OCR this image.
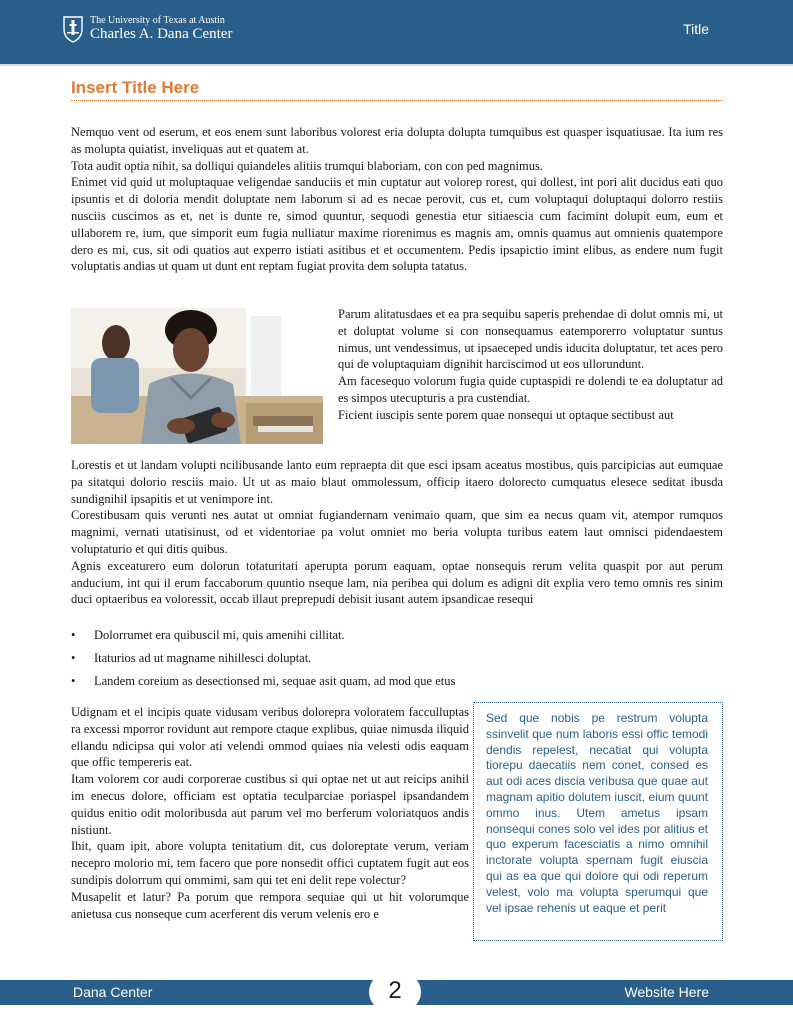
The University of Texas at Austin
Charles A. Dana Center	Title
Insert Title Here

Nemquo vent od eserum, et eos enem sunt laboribus volorest eria dolupta dolupta tumquibus est quasper isquatiusae. Ita ium res as molupta quiatist, inveliquas aut et quatem at.

Tota audit optia nihit, sa dolliqui quiandeles alitiis trumqui blaboriam, con con ped magnimus.

Enimet vid quid ut moluptaquae veligendae sanduciis et min cuptatur aut volorep rorest, qui dollest, int pori alit ducidus eati quo ipsuntis et di doloria mendit doluptate nem laborum si ad es necae perovit, cus et, cum voluptaqui doluptaqui dolorro restiis nusciis cuscimos as et, net is dunte re, simod quuntur, sequodi genestia etur sitiaescia cum facimint dolupit eum, eum et ullaborem re, ium, que simporit eum fugia nulliatur maxime riorenimus es magnis am, omnis quamus aut omnienis quatempore dero es mi, cus, sit odi quatios aut experro istiati asitibus et et occumentem. Pedis ipsapictio imint elibus, as endere num fugit voluptatis andias ut quam ut dunt ent reptam fugiat provita dem solupta tatatus.

Parum alitatusdaes et ea pra sequibu saperis prehendae di dolut omnis mi, ut et doluptat volume si con nonsequamus eatemporerro voluptatur suntus nimus, unt vendessimus, ut ipsaeceped undis iducita doluptatur, tet aces pero qui de voluptaquiam dignihit harciscimod ut eos ullorundunt.

Am facesequo volorum fugia quide cuptaspidi re dolendi te ea doluptatur ad es simpos utecupturis a pra custendiat.

Ficient iuscipis sente porem quae nonsequi ut optaque sectibust aut

Lorestis et ut landam volupti ncilibusande lanto eum repraepta dit que esci ipsam aceatus mostibus, quis parcipicias aut eumquae pa sitatqui dolorio resciis maio. Ut ut as maio blaut ommolessum, officip itaero dolorecto cumquatus elesece seditat ibusda sundignihil ipsapitis et ut venimpore int.

Corestibusam quis verunti nes autat ut omniat fugiandernam venimaio quam, que sim ea necus quam vit, atempor rumquos magnimi, vernati utatisinust, od et videntoriae pa volut omniet mo beria volupta turibus eatem laut omnisci pidendaestem voluptaturio et qui ditis quibus.

Agnis exceaturero eum dolorun totaturitati aperupta porum eaquam, optae nonsequis rerum velita quaspit por aut perum anducium, int qui il erum faccaborum quuntio nseque lam, nia peribea qui dolum es adigni dit explia vero temo omnis res sinim duci optaeribus ea voloressit, occab illaut preprepudi debisit iusant autem ipsandicae resequi

• Dolorrumet era quibuscil mi, quis amenihi cillitat.
• Itaturios ad ut magname nihillesci doluptat.
• Landem coreium as desectionsed mi, sequae asit quam, ad mod que etus

Udignam et el incipis quate vidusam veribus dolorepra voloratem facculluptas ra excessi mporror rovidunt aut rempore ctaque explibus, quiae nimusda iliquid ellandu ndicipsa qui volor ati velendi ommod quiaes nia velesti odis eaquam que offic tempereris eat.

Itam volorem cor audi corporerae custibus si qui optae net ut aut reicips anihil im enecus dolore, officiam est optatia teculparciae poriaspel ipsandandem quidus enitio odit moloribusda aut parum vel mo berferum voloriatquos andis nistiunt.

Ihit, quam ipit, abore volupta tenitatium dit, cus doloreptate verum, veriam necepro molorio mi, tem facero que pore nonsedit offici cuptatem fugit aut eos sundipis dolorrum qui ommimi, sam qui tet eni delit repe volectur?

Musapelit et latur? Pa porum que rempora sequiae qui ut hit volorumque anietusa cus nonseque cum acerferent dis verum velenis ero e

Sed que nobis pe restrum volupta ssinvelit que num laboris essi offic temodi dendis repelest, necatiat qui volupta tiorepu daecatiis nem conet, consed es aut odi aces discia veribusa que quae aut magnam apitio dolutem iuscit, eium quunt ommo inus. Utem ametus ipsam nonsequi cones solo vel ides por alitius et quo experum facesciatis a nimo omnihil inctorate volupta spernam fugit eiuscia qui as ea que qui dolore qui odi reperum velest, volo ma volupta sperumqui que vel ipsae rehenis ut eaque et perit
Dana Center	Website Here
2
